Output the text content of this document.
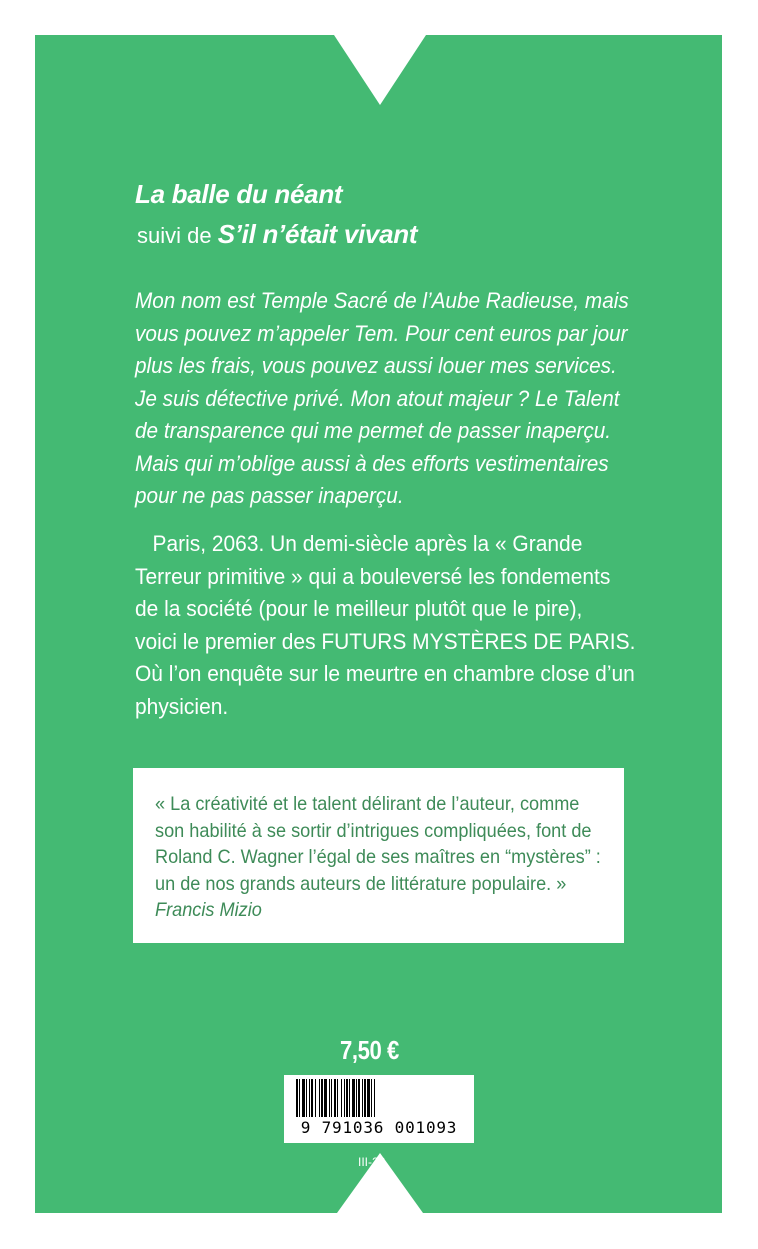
La balle du néant
suivi de S’il n’était vivant

Mon nom est Temple Sacré de l’Aube Radieuse, mais
vous pouvez m’appeler Tem. Pour cent euros par jour
plus les frais, vous pouvez aussi louer mes services.
Je suis détective privé. Mon atout majeur ? Le Talent
de transparence qui me permet de passer inaperçu.
Mais qui m’oblige aussi à des efforts vestimentaires
pour ne pas passer inaperçu.

Paris, 2063. Un demi-siècle après la « Grande
Terreur primitive » qui a bouleversé les fondements
de la société (pour le meilleur plutôt que le pire),
voici le premier des FUTURS MYSTÈRES DE PARIS.
Où l’on enquête sur le meurtre en chambre close d’un
physicien.

« La créativité et le talent délirant de l’auteur, comme
son habilité à se sortir d’intrigues compliquées, font de
Roland C. Wagner l’égal de ses maîtres en “mystères” :
un de nos grands auteurs de littérature populaire. »
Francis Mizio

7,50 €
9 791036 001093
III-22
